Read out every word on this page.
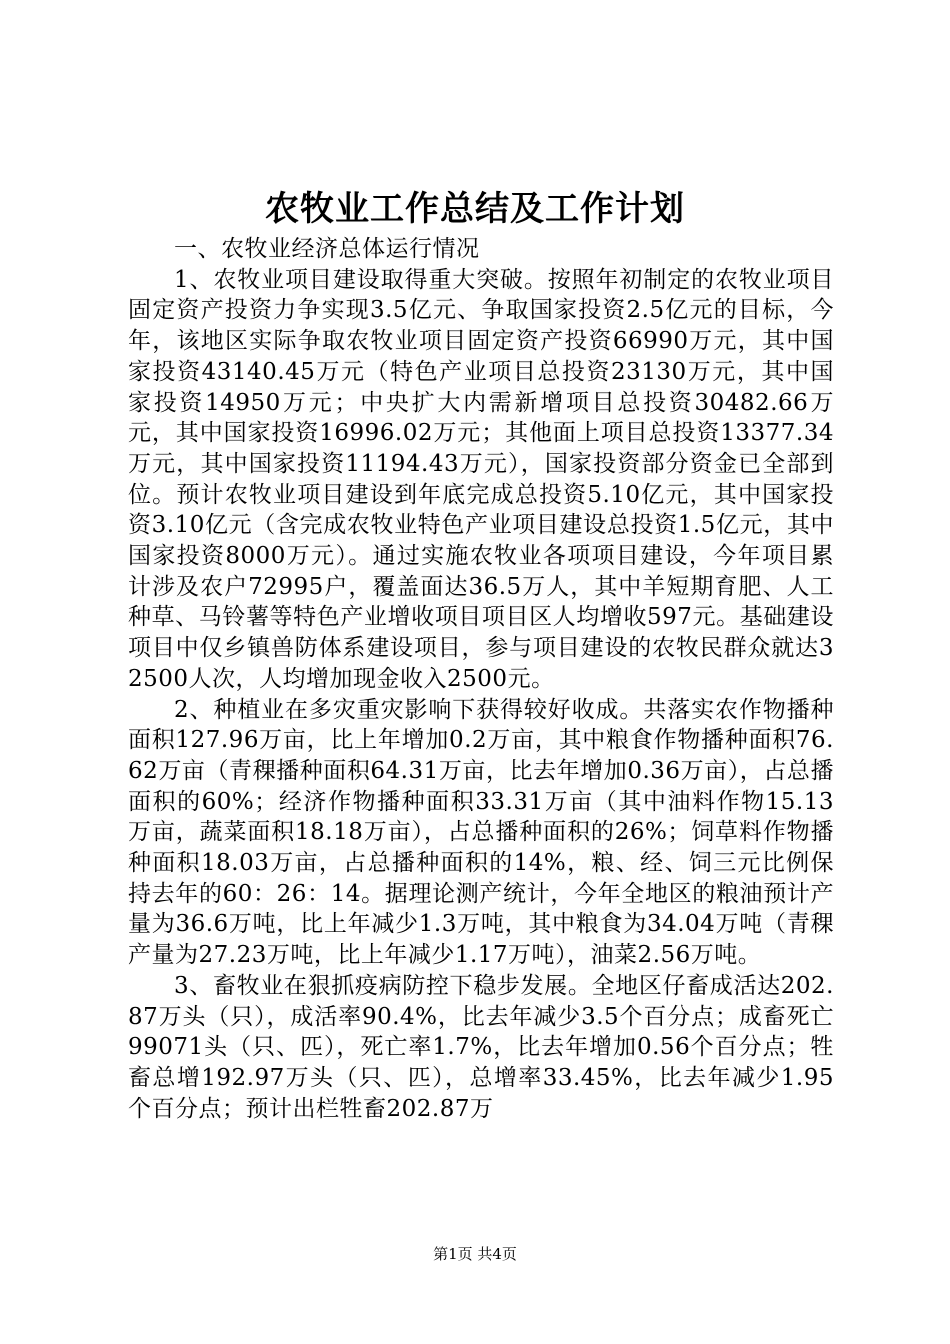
农牧业工作总结及工作计划

一、农牧业经济总体运行情况

1、农牧业项目建设取得重大突破。按照年初制定的农牧业项目固定资产投资力争实现3.5亿元、争取国家投资2.5亿元的目标，今年，该地区实际争取农牧业项目固定资产投资66990万元，其中国家投资43140.45万元（特色产业项目总投资23130万元，其中国家投资14950万元；中央扩大内需新增项目总投资30482.66万元，其中国家投资16996.02万元；其他面上项目总投资13377.34万元，其中国家投资11194.43万元），国家投资部分资金已全部到位。预计农牧业项目建设到年底完成总投资5.10亿元，其中国家投资3.10亿元（含完成农牧业特色产业项目建设总投资1.5亿元，其中国家投资8000万元）。通过实施农牧业各项项目建设，今年项目累计涉及农户72995户，覆盖面达36.5万人，其中羊短期育肥、人工种草、马铃薯等特色产业增收项目项目区人均增收597元。基础建设项目中仅乡镇兽防体系建设项目，参与项目建设的农牧民群众就达32500人次，人均增加现金收入2500元。

2、种植业在多灾重灾影响下获得较好收成。共落实农作物播种面积127.96万亩，比上年增加0.2万亩，其中粮食作物播种面积76.62万亩（青稞播种面积64.31万亩，比去年增加0.36万亩），占总播面积的60%；经济作物播种面积33.31万亩（其中油料作物15.13万亩，蔬菜面积18.18万亩），占总播种面积的26%；饲草料作物播种面积18.03万亩，占总播种面积的14%，粮、经、饲三元比例保持去年的60：26：14。据理论测产统计，今年全地区的粮油预计产量为36.6万吨，比上年减少1.3万吨，其中粮食为34.04万吨（青稞产量为27.23万吨，比上年减少1.17万吨），油菜2.56万吨。

3、畜牧业在狠抓疫病防控下稳步发展。全地区仔畜成活达202.87万头（只），成活率90.4%，比去年减少3.5个百分点；成畜死亡99071头（只、匹），死亡率1.7%，比去年增加0.56个百分点；牲畜总增192.97万头（只、匹），总增率33.45%，比去年减少1.95个百分点；预计出栏牲畜202.87万

第1页 共4页
